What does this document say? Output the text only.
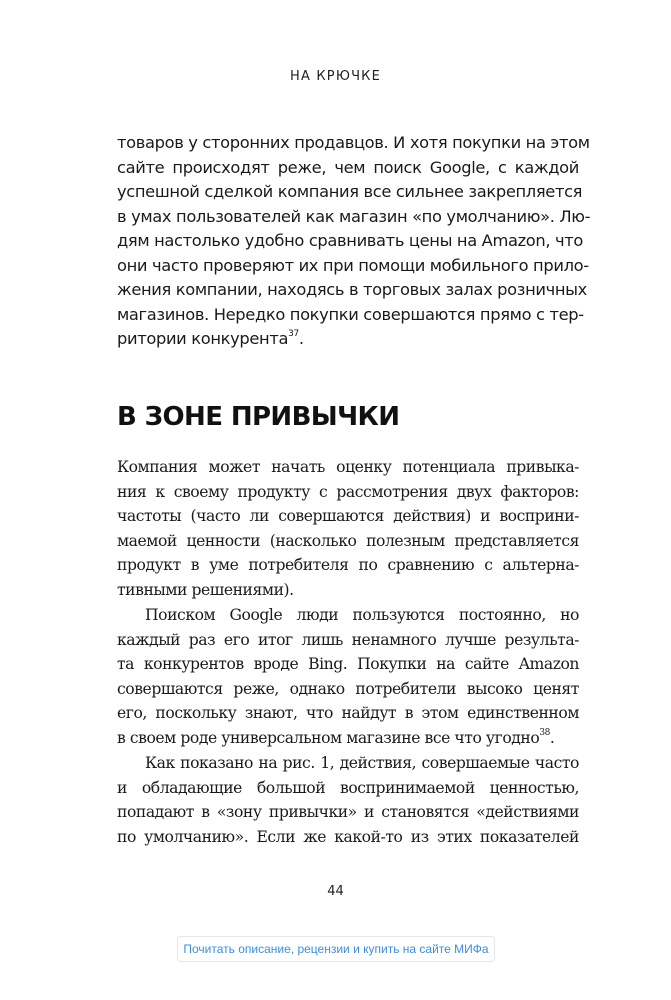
НА КРЮЧКЕ
товаров у сторонних продавцов. И хотя покупки на этом
сайте происходят реже, чем поиск Google, с каждой
успешной сделкой компания все сильнее закрепляется
в умах пользователей как магазин «по умолчанию». Лю-
дям настолько удобно сравнивать цены на Amazon, что
они часто проверяют их при помощи мобильного прило-
жения компании, находясь в торговых залах розничных
магазинов. Нередко покупки совершаются прямо с тер-
ритории конкурента$^{37}$.
В ЗОНЕ ПРИВЫЧКИ
Компания может начать оценку потенциала привыка-
ния к своему продукту с рассмотрения двух факторов:
частоты (часто ли совершаются действия) и восприни-
маемой ценности (насколько полезным представляется
продукт в уме потребителя по сравнению с альтерна-
тивными решениями).
Поиском Google люди пользуются постоянно, но
каждый раз его итог лишь ненамного лучше результа-
та конкурентов вроде Bing. Покупки на сайте Amazon
совершаются реже, однако потребители высоко ценят
его, поскольку знают, что найдут в этом единственном
в своем роде универсальном магазине все что угодно$^{38}$.
Как показано на рис. 1, действия, совершаемые часто
и обладающие большой воспринимаемой ценностью,
попадают в «зону привычки» и становятся «действиями
по умолчанию». Если же какой-то из этих показателей
44
Почитать описание, рецензии и купить на сайте МИФа
